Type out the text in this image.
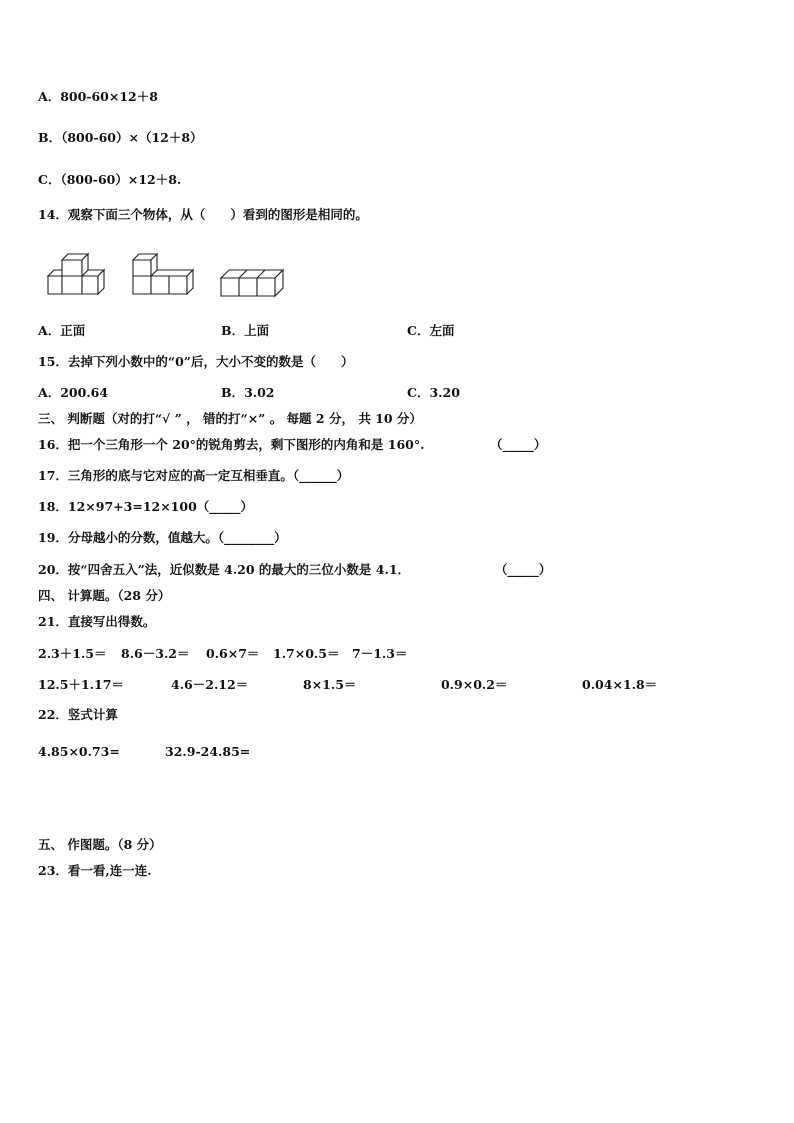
A．800-60×12＋8
B．（800-60）×（12＋8）
C．（800-60）×12＋8.
14．观察下面三个物体，从（　　）看到的图形是相同的。
A．正面	B．上面	C．左面
15．去掉下列小数中的“0”后，大小不变的数是（　　）
A．200.64	B．3.02	C．3.20
三、 判断题（对的打“√ ” ， 错的打“×” 。 每题 2 分， 共 10 分）
16．把一个三角形一个 20°的锐角剪去，剩下图形的内角和是 160°.	（_____）
17．三角形的底与它对应的高一定互相垂直。（______）
18．12×97+3=12×100（_____）
19．分母越小的分数，值越大。（________）
20．按“四舍五入”法，近似数是 4.20 的最大的三位小数是 4.1．	（_____）
四、 计算题。（28 分）
21．直接写出得数。
2.3＋1.5＝ 8.6－3.2＝ 0.6×7＝ 1.7×0.5＝ 7－1.3＝
12.5＋1.17＝	4.6－2.12＝	8×1.5＝	0.9×0.2＝	0.04×1.8＝
22．竖式计算
4.85×0.73=	32.9-24.85=
五、 作图题。（8 分）
23．看一看,连一连.
